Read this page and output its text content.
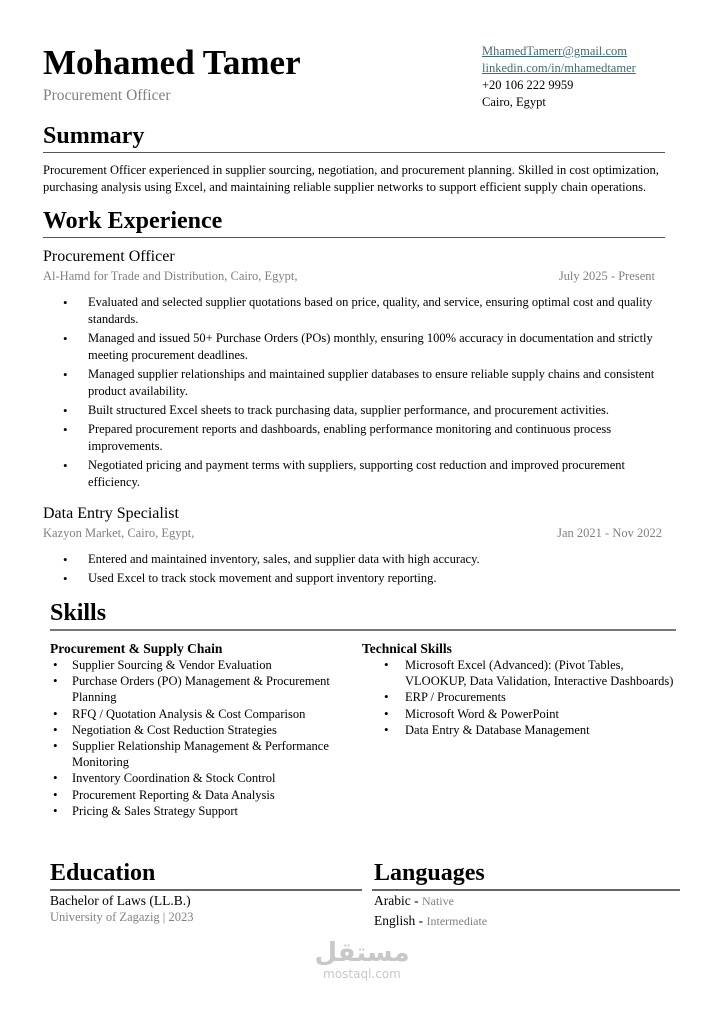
Mohamed Tamer
Procurement Officer
MhamedTamerr@gmail.com
linkedin.com/in/mhamedtamer
+20 106 222 9959
Cairo, Egypt
Summary
Procurement Officer experienced in supplier sourcing, negotiation, and procurement planning. Skilled in cost optimization, purchasing analysis using Excel, and maintaining reliable supplier networks to support efficient supply chain operations.
Work Experience
Procurement Officer
Al-Hamd for Trade and Distribution, Cairo, Egypt,	July 2025 - Present
• Evaluated and selected supplier quotations based on price, quality, and service, ensuring optimal cost and quality standards.
• Managed and issued 50+ Purchase Orders (POs) monthly, ensuring 100% accuracy in documentation and strictly meeting procurement deadlines.
• Managed supplier relationships and maintained supplier databases to ensure reliable supply chains and consistent product availability.
• Built structured Excel sheets to track purchasing data, supplier performance, and procurement activities.
• Prepared procurement reports and dashboards, enabling performance monitoring and continuous process improvements.
• Negotiated pricing and payment terms with suppliers, supporting cost reduction and improved procurement efficiency.
Data Entry Specialist
Kazyon Market, Cairo, Egypt,	Jan 2021 - Nov 2022
• Entered and maintained inventory, sales, and supplier data with high accuracy.
• Used Excel to track stock movement and support inventory reporting.
Skills
Procurement & Supply Chain
• Supplier Sourcing & Vendor Evaluation
• Purchase Orders (PO) Management & Procurement Planning
• RFQ / Quotation Analysis & Cost Comparison
• Negotiation & Cost Reduction Strategies
• Supplier Relationship Management & Performance Monitoring
• Inventory Coordination & Stock Control
• Procurement Reporting & Data Analysis
• Pricing & Sales Strategy Support
Technical Skills
• Microsoft Excel (Advanced): (Pivot Tables, VLOOKUP, Data Validation, Interactive Dashboards)
• ERP / Procurements
• Microsoft Word & PowerPoint
• Data Entry & Database Management
Education
Bachelor of Laws (LL.B.)
University of Zagazig | 2023
Languages
Arabic - Native
English - Intermediate
مستقل
mostaql.com
